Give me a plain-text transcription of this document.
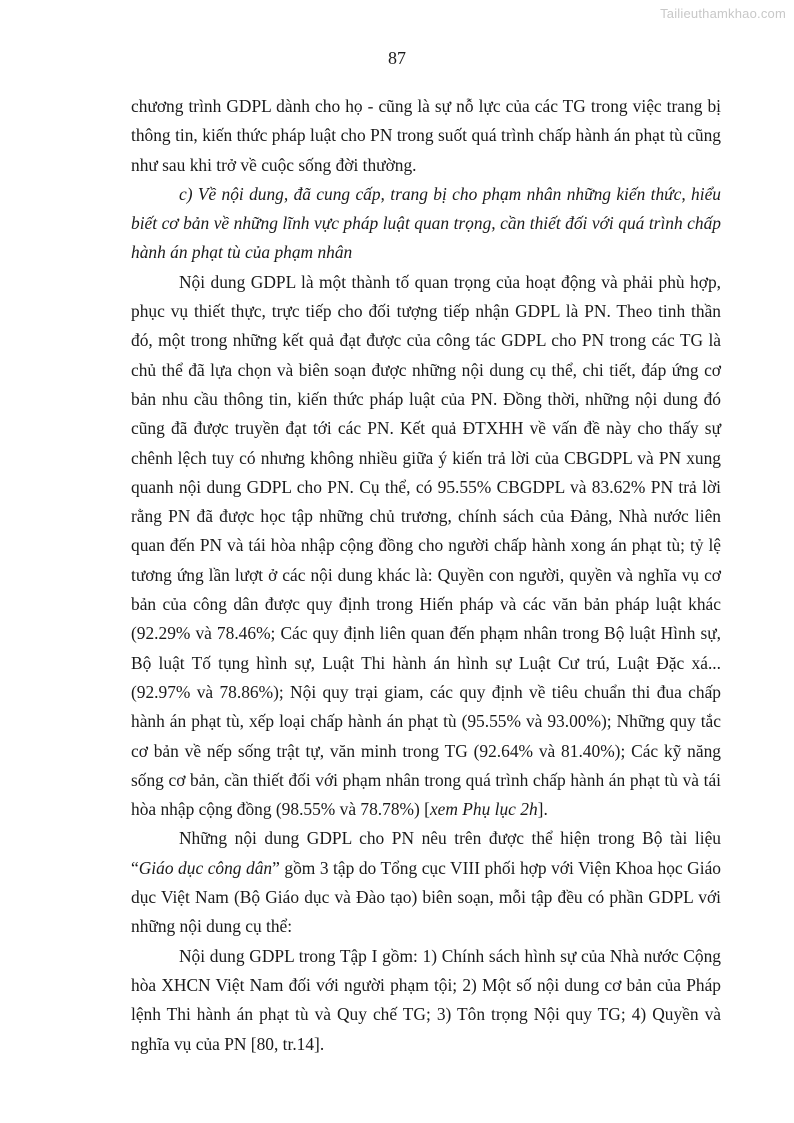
Tailieuthamkhao.com
87

chương trình GDPL dành cho họ - cũng là sự nỗ lực của các TG trong việc trang bị thông tin, kiến thức pháp luật cho PN trong suốt quá trình chấp hành án phạt tù cũng như sau khi trở về cuộc sống đời thường.

c) Về nội dung, đã cung cấp, trang bị cho phạm nhân những kiến thức, hiểu biết cơ bản về những lĩnh vực pháp luật quan trọng, cần thiết đối với quá trình chấp hành án phạt tù của phạm nhân

Nội dung GDPL là một thành tố quan trọng của hoạt động và phải phù hợp, phục vụ thiết thực, trực tiếp cho đối tượng tiếp nhận GDPL là PN. Theo tinh thần đó, một trong những kết quả đạt được của công tác GDPL cho PN trong các TG là chủ thể đã lựa chọn và biên soạn được những nội dung cụ thể, chi tiết, đáp ứng cơ bản nhu cầu thông tin, kiến thức pháp luật của PN. Đồng thời, những nội dung đó cũng đã được truyền đạt tới các PN. Kết quả ĐTXHH về vấn đề này cho thấy sự chênh lệch tuy có nhưng không nhiều giữa ý kiến trả lời của CBGDPL và PN xung quanh nội dung GDPL cho PN. Cụ thể, có 95.55% CBGDPL và 83.62% PN trả lời rằng PN đã được học tập những chủ trương, chính sách của Đảng, Nhà nước liên quan đến PN và tái hòa nhập cộng đồng cho người chấp hành xong án phạt tù; tỷ lệ tương ứng lần lượt ở các nội dung khác là: Quyền con người, quyền và nghĩa vụ cơ bản của công dân được quy định trong Hiến pháp và các văn bản pháp luật khác (92.29% và 78.46%; Các quy định liên quan đến phạm nhân trong Bộ luật Hình sự, Bộ luật Tố tụng hình sự, Luật Thi hành án hình sự Luật Cư trú, Luật Đặc xá... (92.97% và 78.86%); Nội quy trại giam, các quy định về tiêu chuẩn thi đua chấp hành án phạt tù, xếp loại chấp hành án phạt tù (95.55% và 93.00%); Những quy tắc cơ bản về nếp sống trật tự, văn minh trong TG (92.64% và 81.40%); Các kỹ năng sống cơ bản, cần thiết đối với phạm nhân trong quá trình chấp hành án phạt tù và tái hòa nhập cộng đồng (98.55% và 78.78%) [xem Phụ lục 2h].

Những nội dung GDPL cho PN nêu trên được thể hiện trong Bộ tài liệu “Giáo dục công dân” gồm 3 tập do Tổng cục VIII phối hợp với Viện Khoa học Giáo dục Việt Nam (Bộ Giáo dục và Đào tạo) biên soạn, mỗi tập đều có phần GDPL với những nội dung cụ thể:

Nội dung GDPL trong Tập I gồm: 1) Chính sách hình sự của Nhà nước Cộng hòa XHCN Việt Nam đối với người phạm tội; 2) Một số nội dung cơ bản của Pháp lệnh Thi hành án phạt tù và Quy chế TG; 3) Tôn trọng Nội quy TG; 4) Quyền và nghĩa vụ của PN [80, tr.14].
